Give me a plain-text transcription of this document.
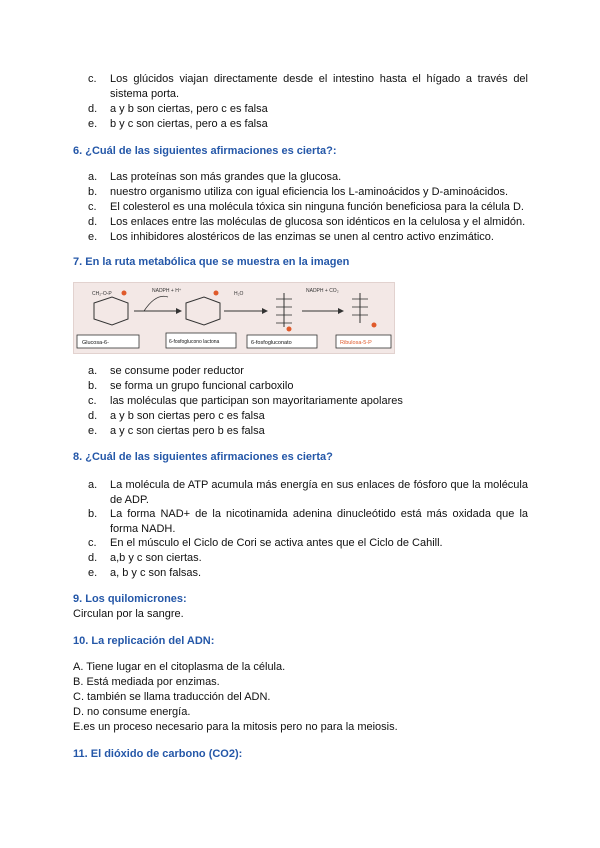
c. Los glúcidos viajan directamente desde el intestino hasta el hígado a través del sistema porta.
d. a y b son ciertas, pero c es falsa
e. b y c son ciertas, pero a es falsa
6. ¿Cuál de las siguientes afirmaciones es cierta?:
a. Las proteínas son más grandes que la glucosa.
b. nuestro organismo utiliza con igual eficiencia los L-aminoácidos y D-aminoácidos.
c. El colesterol es una molécula tóxica sin ninguna función beneficiosa para la célula D.
d. Los enlaces entre las moléculas de glucosa son idénticos en la celulosa y el almidón.
e. Los inhibidores alostéricos de las enzimas se unen al centro activo enzimático.
7. En la ruta metabólica que se muestra en la imagen
CH₂-O-P	NADPH + H⁺	H₂O	NADPH + CO₂
Glucosa-6-	6-fosfoglucono lactona	6-fosfogluconato	Ribulosa-5-P
a. se consume poder reductor
b. se forma un grupo funcional carboxilo
c. las moléculas que participan son mayoritariamente apolares
d. a y b son ciertas pero c es falsa
e. a y c son ciertas pero b es falsa
8. ¿Cuál de las siguientes afirmaciones es cierta?
a. La molécula de ATP acumula más energía en sus enlaces de fósforo que la molécula de ADP.
b. La forma NAD+ de la nicotinamida adenina dinucleótido está más oxidada que la forma NADH.
c. En el músculo el Ciclo de Cori se activa antes que el Ciclo de Cahill.
d. a,b y c son ciertas.
e. a, b y c son falsas.
9. Los quilomicrones:
Circulan por la sangre.
10. La replicación del ADN:
A. Tiene lugar en el citoplasma de la célula.
B. Está mediada por enzimas.
C. también se llama traducción del ADN.
D. no consume energía.
E.es un proceso necesario para la mitosis pero no para la meiosis.
11. El dióxido de carbono (CO2):
